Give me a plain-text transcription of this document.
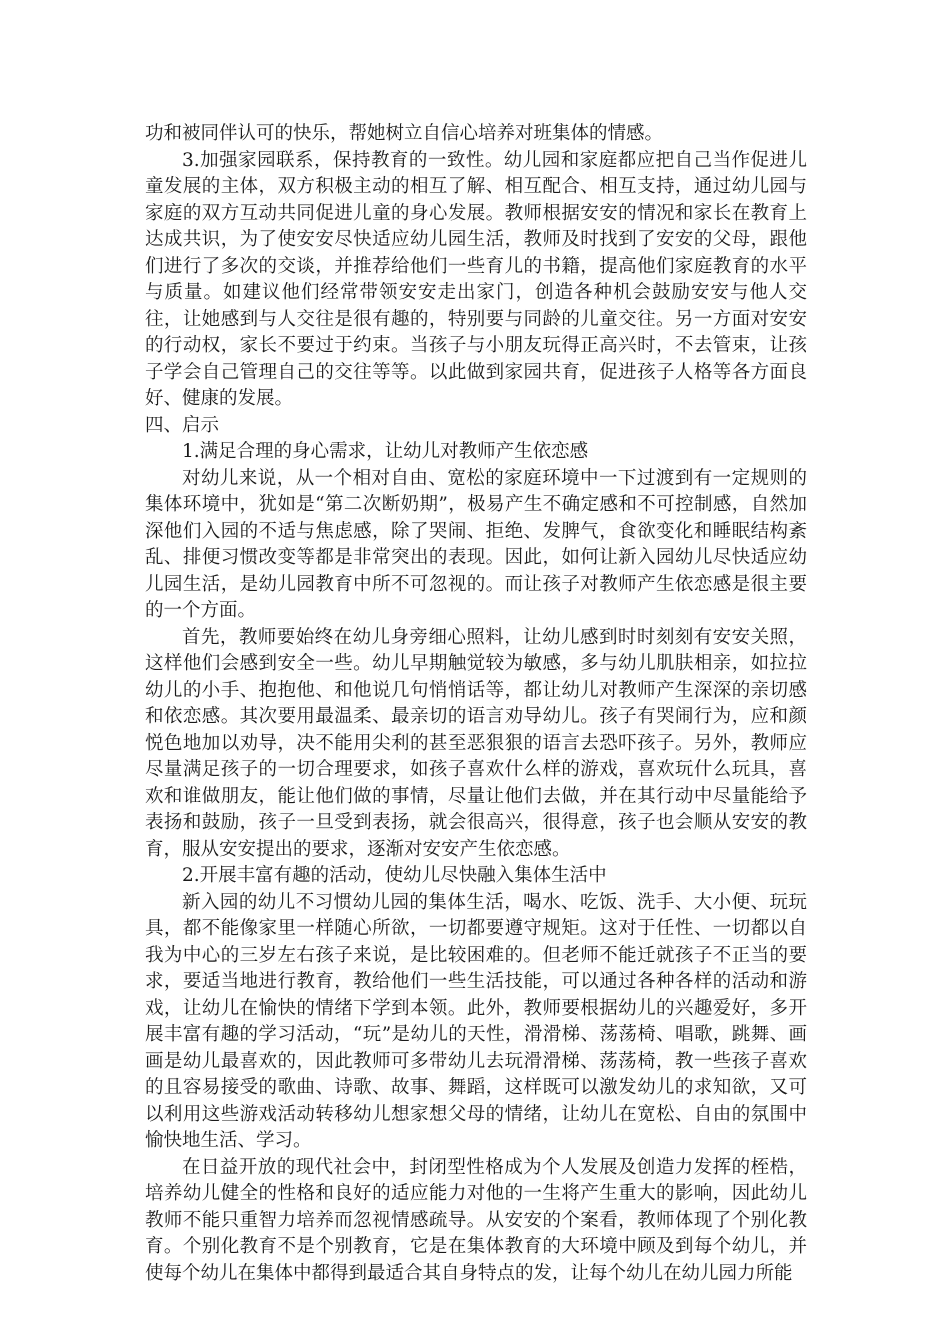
功和被同伴认可的快乐，帮她树立自信心培养对班集体的情感。

3.加强家园联系，保持教育的一致性。幼儿园和家庭都应把自己当作促进儿童发展的主体，双方积极主动的相互了解、相互配合、相互支持，通过幼儿园与家庭的双方互动共同促进儿童的身心发展。教师根据安安的情况和家长在教育上达成共识，为了使安安尽快适应幼儿园生活，教师及时找到了安安的父母，跟他们进行了多次的交谈，并推荐给他们一些育儿的书籍，提高他们家庭教育的水平与质量。如建议他们经常带领安安走出家门，创造各种机会鼓励安安与他人交往，让她感到与人交往是很有趣的，特别要与同龄的儿童交往。另一方面对安安的行动权，家长不要过于约束。当孩子与小朋友玩得正高兴时，不去管束，让孩子学会自己管理自己的交往等等。以此做到家园共育，促进孩子人格等各方面良好、健康的发展。

四、启示

1.满足合理的身心需求，让幼儿对教师产生依恋感

对幼儿来说，从一个相对自由、宽松的家庭环境中一下过渡到有一定规则的集体环境中，犹如是“第二次断奶期”，极易产生不确定感和不可控制感，自然加深他们入园的不适与焦虑感，除了哭闹、拒绝、发脾气，食欲变化和睡眠结构紊乱、排便习惯改变等都是非常突出的表现。因此，如何让新入园幼儿尽快适应幼儿园生活，是幼儿园教育中所不可忽视的。而让孩子对教师产生依恋感是很主要的一个方面。

首先，教师要始终在幼儿身旁细心照料，让幼儿感到时时刻刻有安安关照，这样他们会感到安全一些。幼儿早期触觉较为敏感，多与幼儿肌肤相亲，如拉拉幼儿的小手、抱抱他、和他说几句悄悄话等，都让幼儿对教师产生深深的亲切感和依恋感。其次要用最温柔、最亲切的语言劝导幼儿。孩子有哭闹行为，应和颜悦色地加以劝导，决不能用尖利的甚至恶狠狠的语言去恐吓孩子。另外，教师应尽量满足孩子的一切合理要求，如孩子喜欢什么样的游戏，喜欢玩什么玩具，喜欢和谁做朋友，能让他们做的事情，尽量让他们去做，并在其行动中尽量能给予表扬和鼓励，孩子一旦受到表扬，就会很高兴，很得意，孩子也会顺从安安的教育，服从安安提出的要求，逐渐对安安产生依恋感。

2.开展丰富有趣的活动，使幼儿尽快融入集体生活中

新入园的幼儿不习惯幼儿园的集体生活，喝水、吃饭、洗手、大小便、玩玩具，都不能像家里一样随心所欲，一切都要遵守规矩。这对于任性、一切都以自我为中心的三岁左右孩子来说，是比较困难的。但老师不能迁就孩子不正当的要求，要适当地进行教育，教给他们一些生活技能，可以通过各种各样的活动和游戏，让幼儿在愉快的情绪下学到本领。此外，教师要根据幼儿的兴趣爱好，多开展丰富有趣的学习活动，“玩”是幼儿的天性，滑滑梯、荡荡椅、唱歌，跳舞、画画是幼儿最喜欢的，因此教师可多带幼儿去玩滑滑梯、荡荡椅，教一些孩子喜欢的且容易接受的歌曲、诗歌、故事、舞蹈，这样既可以激发幼儿的求知欲，又可以利用这些游戏活动转移幼儿想家想父母的情绪，让幼儿在宽松、自由的氛围中愉快地生活、学习。

在日益开放的现代社会中，封闭型性格成为个人发展及创造力发挥的桎梏，培养幼儿健全的性格和良好的适应能力对他的一生将产生重大的影响，因此幼儿教师不能只重智力培养而忽视情感疏导。从安安的个案看，教师体现了个别化教育。个别化教育不是个别教育，它是在集体教育的大环境中顾及到每个幼儿，并使每个幼儿在集体中都得到最适合其自身特点的发，让每个幼儿在幼儿园力所能
